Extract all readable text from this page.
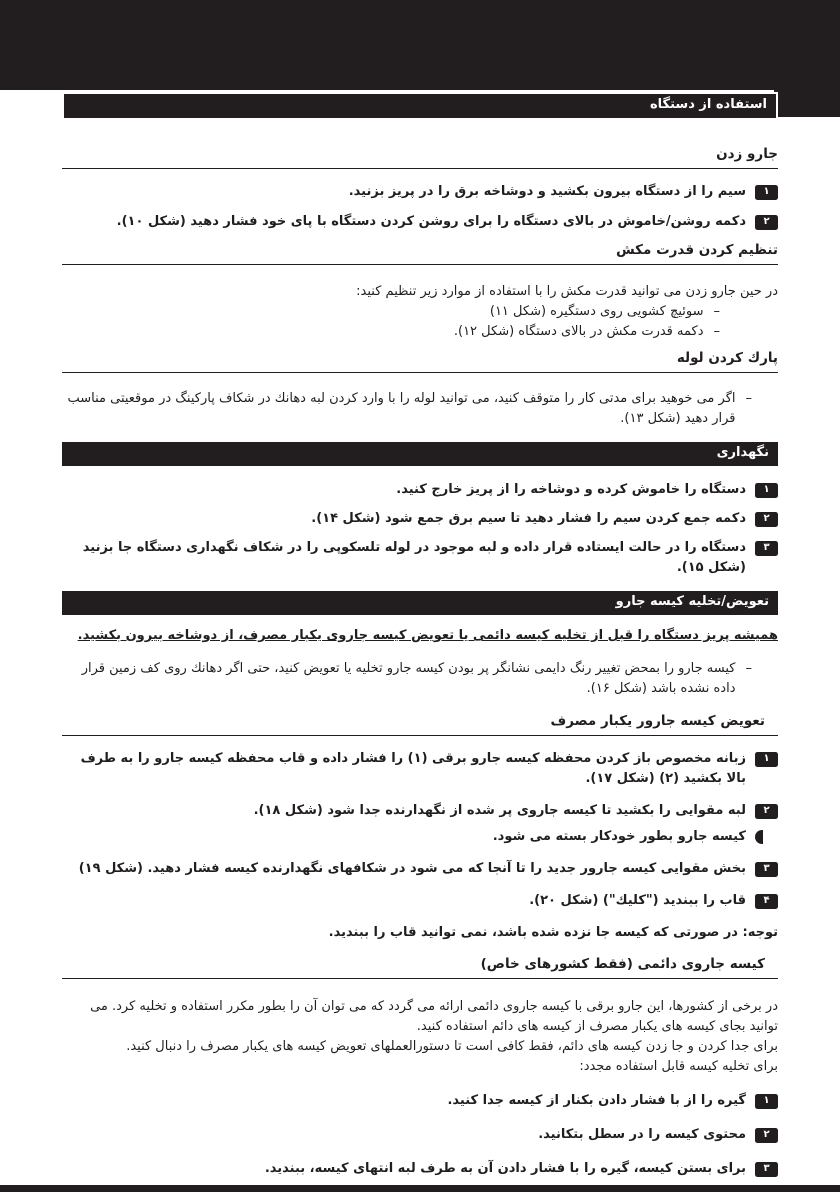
استفاده از دستگاه
جارو زدن
۱
سیم را از دستگاه بیرون بکشید و دوشاخه برق را در پریز بزنید.
۲
دکمه روشن/خاموش در بالای دستگاه را برای روشن کردن دستگاه با پای خود فشار دهید (شکل ۱۰).
تنظیم کردن قدرت مکش

در حین جارو زدن می توانید قدرت مکش را با استفاده از موارد زیر تنظیم کنید:

–
سوئیچ کشویی روی دستگیره (شکل ۱۱)
–
دکمه قدرت مکش در بالای دستگاه (شکل ۱۲).
پارك كردن لوله
–
اگر می خوهید برای مدتی کار را متوقف کنید، می توانید لوله را با وارد کردن لبه دهانك در شکاف پارکینگ در موقعیتی مناسب قرار دهید (شکل ۱۳).
نگهداری
۱
دستگاه را خاموش کرده و دوشاخه را از پریز خارج کنید.
۲
دکمه جمع کردن سیم را فشار دهید تا سیم برق جمع شود (شکل ۱۴).
۳
دستگاه را در حالت ایستاده قرار داده و لبه موجود در لوله تلسکوپی را در شکاف نگهداری دستگاه جا بزنید (شکل ۱۵).
تعویض/تخلیه کیسه جارو

همیشه پریز دستگاه را قبل از تخلیه کیسه دائمی یا تعویض کیسه جاروی یکبار مصرف، از دوشاخه بیرون بکشید.

–
کیسه جارو را بمحض تغییر رنگ دایمی نشانگر پر بودن کیسه جارو تخلیه یا تعویض کنید، حتی اگر دهانك روی کف زمین قرار داده نشده باشد (شکل ۱۶).
تعویض کیسه جارور یکبار مصرف
۱
زبانه مخصوص باز کردن محفظه کیسه جارو برقی (۱) را فشار داده و قاب محفظه کیسه جارو را به طرف بالا بکشید (۲) (شکل ۱۷).
۲
لبه مقوایی را بکشید تا کیسه جاروی پر شده از نگهدارنده جدا شود (شکل ۱۸).
کیسه جارو بطور خودکار بسته می شود.
۳
بخش مقوایی کیسه جارور جدید را تا آنجا که می شود در شکافهای نگهدارنده کیسه فشار دهید. (شکل ۱۹)
۴
قاب را ببندید ("کلیك") (شکل ۲۰).

توجه: در صورتی که کیسه جا نزده شده باشد، نمی توانید قاب را ببندید.

کیسه جاروی دائمی (فقط کشورهای خاص)

در برخی از کشورها، این جارو برقی با کیسه جاروی دائمی ارائه می گردد که می توان آن را بطور مکرر استفاده و تخلیه کرد. می توانید بجای کیسه های یکبار مصرف از کیسه های دائم استفاده کنید.

برای جدا کردن و جا زدن کیسه های دائم، فقط کافی است تا دستورالعملهای تعویض کیسه های یکبار مصرف را دنبال کنید.

برای تخلیه کیسه قابل استفاده مجدد:

۱
گیره را از با فشار دادن بکنار از کیسه جدا کنید.
۲
محتوی کیسه را در سطل بتکانید.
۳
برای بستن کیسه، گیره را با فشار دادن آن به طرف لبه انتهای کیسه، ببندید.
